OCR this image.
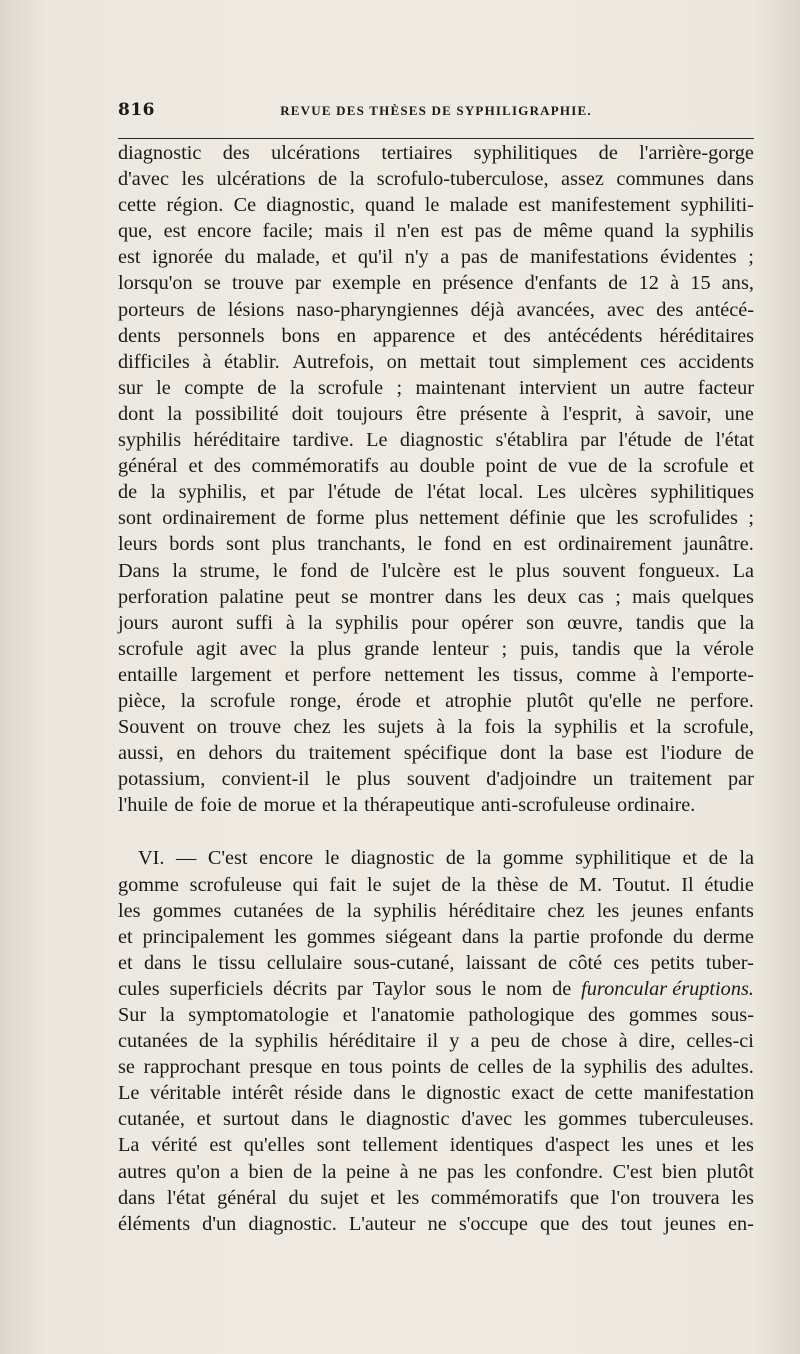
816	REVUE DES THÈSES DE SYPHILIGRAPHIE.
diagnostic des ulcérations tertiaires syphilitiques de l'arrière-gorge
d'avec les ulcérations de la scrofulo-tuberculose, assez communes dans
cette région. Ce diagnostic, quand le malade est manifestement syphiliti-
que, est encore facile; mais il n'en est pas de même quand la syphilis
est ignorée du malade, et qu'il n'y a pas de manifestations évidentes ;
lorsqu'on se trouve par exemple en présence d'enfants de 12 à 15 ans,
porteurs de lésions naso-pharyngiennes déjà avancées, avec des antécé-
dents personnels bons en apparence et des antécédents héréditaires
difficiles à établir. Autrefois, on mettait tout simplement ces accidents
sur le compte de la scrofule ; maintenant intervient un autre facteur
dont la possibilité doit toujours être présente à l'esprit, à savoir, une
syphilis héréditaire tardive. Le diagnostic s'établira par l'étude de l'état
général et des commémoratifs au double point de vue de la scrofule et
de la syphilis, et par l'étude de l'état local. Les ulcères syphilitiques
sont ordinairement de forme plus nettement définie que les scrofulides ;
leurs bords sont plus tranchants, le fond en est ordinairement jaunâtre.
Dans la strume, le fond de l'ulcère est le plus souvent fongueux. La
perforation palatine peut se montrer dans les deux cas ; mais quelques
jours auront suffi à la syphilis pour opérer son œuvre, tandis que la
scrofule agit avec la plus grande lenteur ; puis, tandis que la vérole
entaille largement et perfore nettement les tissus, comme à l'emporte-
pièce, la scrofule ronge, érode et atrophie plutôt qu'elle ne perfore.
Souvent on trouve chez les sujets à la fois la syphilis et la scrofule,
aussi, en dehors du traitement spécifique dont la base est l'iodure de
potassium, convient-il le plus souvent d'adjoindre un traitement par
l'huile de foie de morue et la thérapeutique anti-scrofuleuse ordinaire.
VI. — C'est encore le diagnostic de la gomme syphilitique et de la
gomme scrofuleuse qui fait le sujet de la thèse de M. Toutut. Il étudie
les gommes cutanées de la syphilis héréditaire chez les jeunes enfants
et principalement les gommes siégeant dans la partie profonde du derme
et dans le tissu cellulaire sous-cutané, laissant de côté ces petits tuber-
cules superficiels décrits par Taylor sous le nom de furoncular éruptions.
Sur la symptomatologie et l'anatomie pathologique des gommes sous-
cutanées de la syphilis héréditaire il y a peu de chose à dire, celles-ci
se rapprochant presque en tous points de celles de la syphilis des adultes.
Le véritable intérêt réside dans le dignostic exact de cette manifestation
cutanée, et surtout dans le diagnostic d'avec les gommes tuberculeuses.
La vérité est qu'elles sont tellement identiques d'aspect les unes et les
autres qu'on a bien de la peine à ne pas les confondre. C'est bien plutôt
dans l'état général du sujet et les commémoratifs que l'on trouvera les
éléments d'un diagnostic. L'auteur ne s'occupe que des tout jeunes en-
